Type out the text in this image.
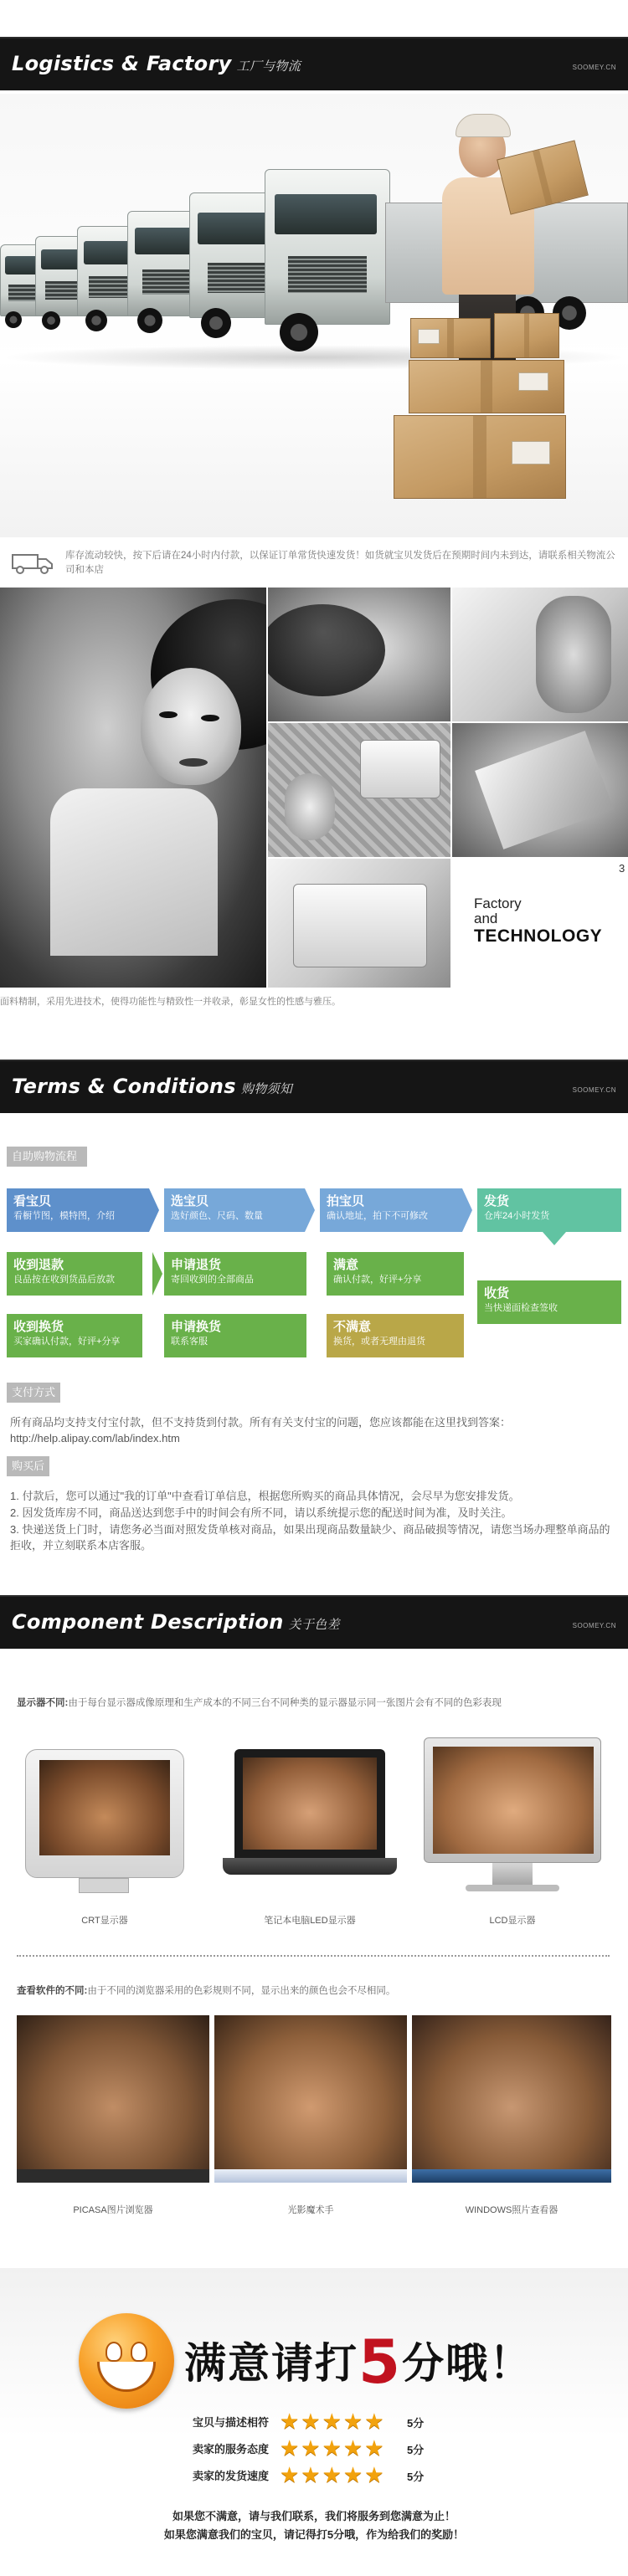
Logistics & Factory 工厂与物流	SOOMEY.CN
库存流动较快，按下后请在24小时内付款，以保证订单常货快速发货！如货就宝贝发货后在预期时间内未到达，请联系相关物流公司和本店
Factory
and
TECHNOLOGY
3
面料精制，采用先进技术，使得功能性与精致性一并收录，彰显女性的性感与雅压。
Terms & Conditions 购物须知	SOOMEY.CN
自助购物流程
看宝贝
看橱节图，模特图，介绍
选宝贝
选好颜色、尺码、数量
拍宝贝
确认地址，拍下不可修改
发货
仓库24小时发货
收到退款
良品按在收到货品后放款
申请退货
寄回收到的全部商品
满意
确认付款，好评+分享
收货
当快递面检查签收
收到换货
买家确认付款，好评+分享
申请换货
联系客服
不满意
换货，或者无理由退货
支付方式
所有商品均支持支付宝付款，但不支持货到付款。所有有关支付宝的问题，您应该都能在这里找到答案：http://help.alipay.com/lab/index.htm
购买后
1. 付款后，您可以通过"我的订单"中查看订单信息，根据您所购买的商品具体情况，会尽早为您安排发货。
2. 因发货库房不同，商品送达到您手中的时间会有所不同，请以系统提示您的配送时间为准，及时关注。
3. 快递送货上门时，请您务必当面对照发货单核对商品，如果出现商品数量缺少、商品破损等情况，请您当场办理整单商品的拒收，并立刻联系本店客服。
Component Description 关于色差	SOOMEY.CN
显示器不同:由于每台显示器成像原理和生产成本的不同三台不同种类的显示器显示同一张图片会有不同的色彩表现
CRT显示器	笔记本电脑LED显示器	LCD显示器
查看软件的不同:由于不同的浏览器采用的色彩规则不同，显示出来的颜色也会不尽相同。
PICASA图片浏览器	光影魔术手	WINDOWS照片查看器
满意请打5分哦！
宝贝与描述相符 ★★★★★ 5分
卖家的服务态度 ★★★★★ 5分
卖家的发货速度 ★★★★★ 5分
如果您不满意，请与我们联系，我们将服务到您满意为止！
如果您满意我们的宝贝，请记得打5分哦，作为给我们的奖励！
